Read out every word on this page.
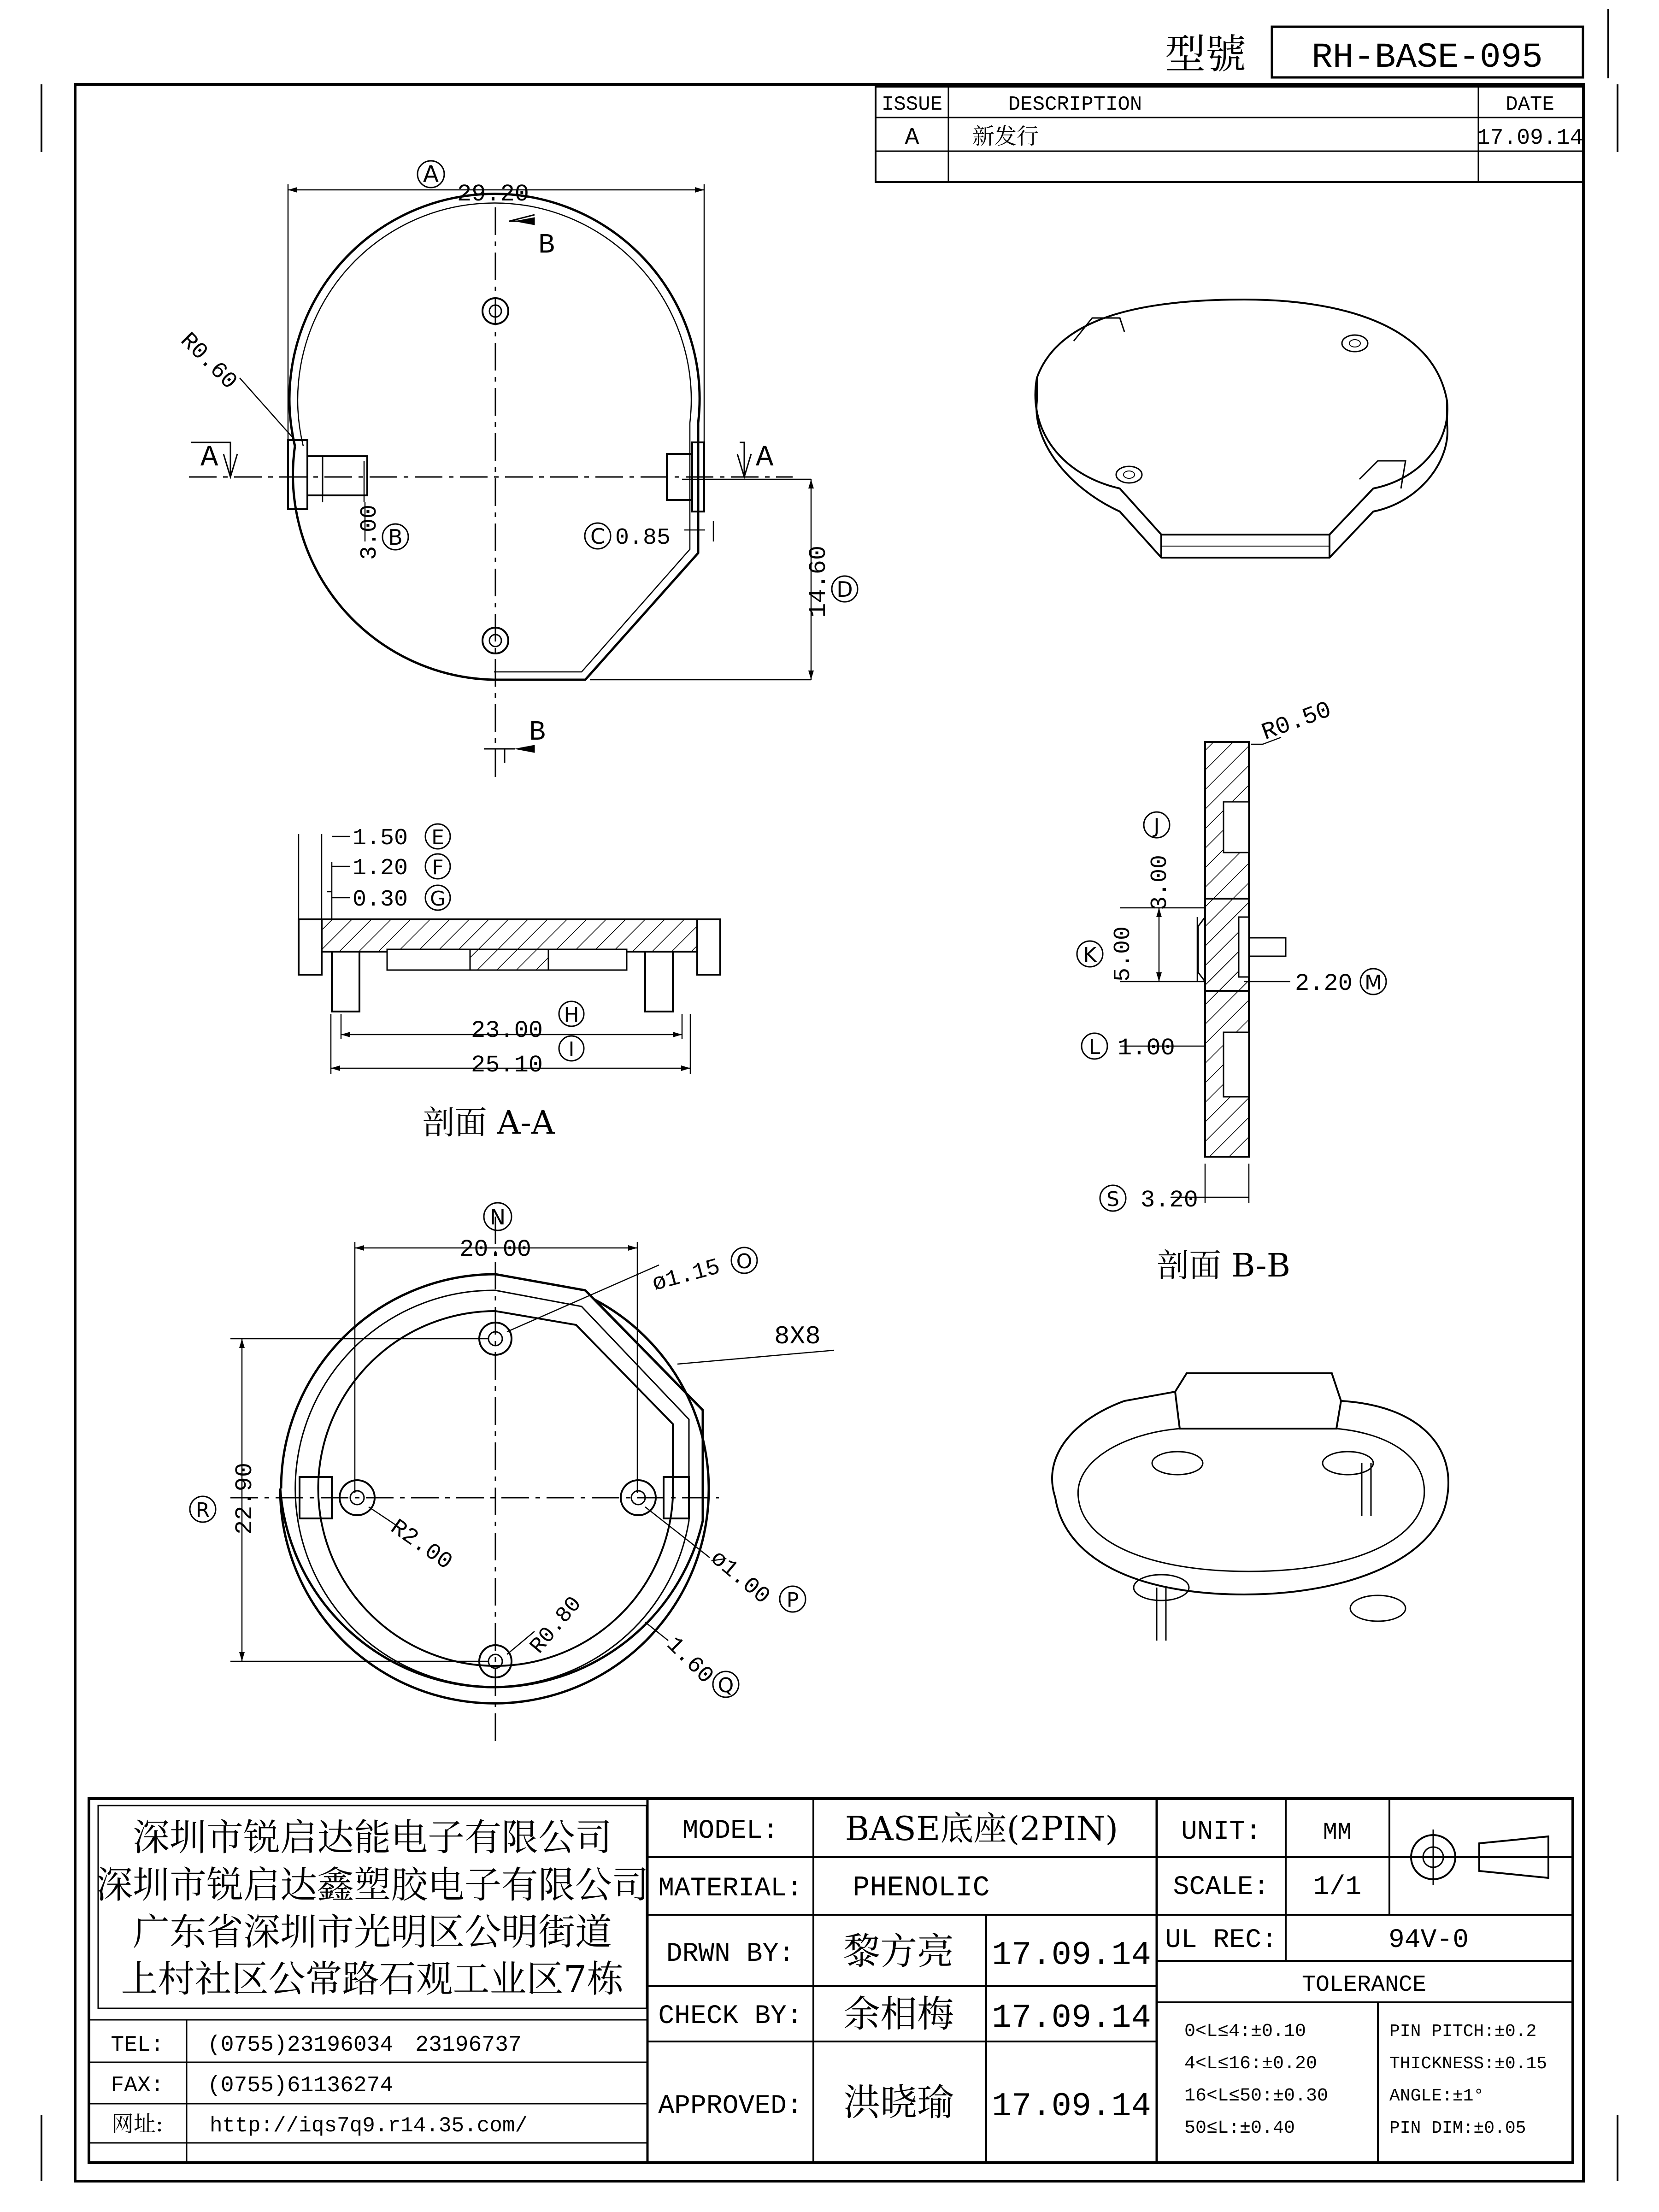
型號 RH-BASE-095
ISSUE	DESCRIPTION	DATE
A 新发行	17.09.14
A
29.20
B
B
A	A
R0.60
3.00 B	C 0.85
14.60 D
1.50 E
1.20 F
0.30 G
23.00
H
25.10
I
剖面 A-A
R0.50
J
3.00
K 5.00
L 1.00
2.20 M
S 3.20
剖面 B-B
N
20.00
ø1.15 O
8X8
R 22.90
R2.00
ø1.00 P
R0.80
1.60
Q
深圳市锐启达能电子有限公司
深圳市锐启达鑫塑胶电子有限公司
广东省深圳市光明区公明街道
上村社区公常路石观工业区7栋
TEL: (0755)23196034　23196737
FAX: (0755)61136274
网址: http://iqs7q9.r14.35.com/
MODEL: BASE底座(2PIN)
MATERIAL: PHENOLIC
DRWN BY: 黎方亮 17.09.14
CHECK BY: 余相梅 17.09.14
APPROVED: 洪晓瑜 17.09.14
UNIT:	MM
SCALE: 1/1
UL REC:	94V-0
TOLERANCE
0<L≤4:±0.10
4<L≤16:±0.20
16<L≤50:±0.30
50≤L:±0.40
PIN PITCH:±0.2
THICKNESS:±0.15
ANGLE:±1°
PIN DIM:±0.05
